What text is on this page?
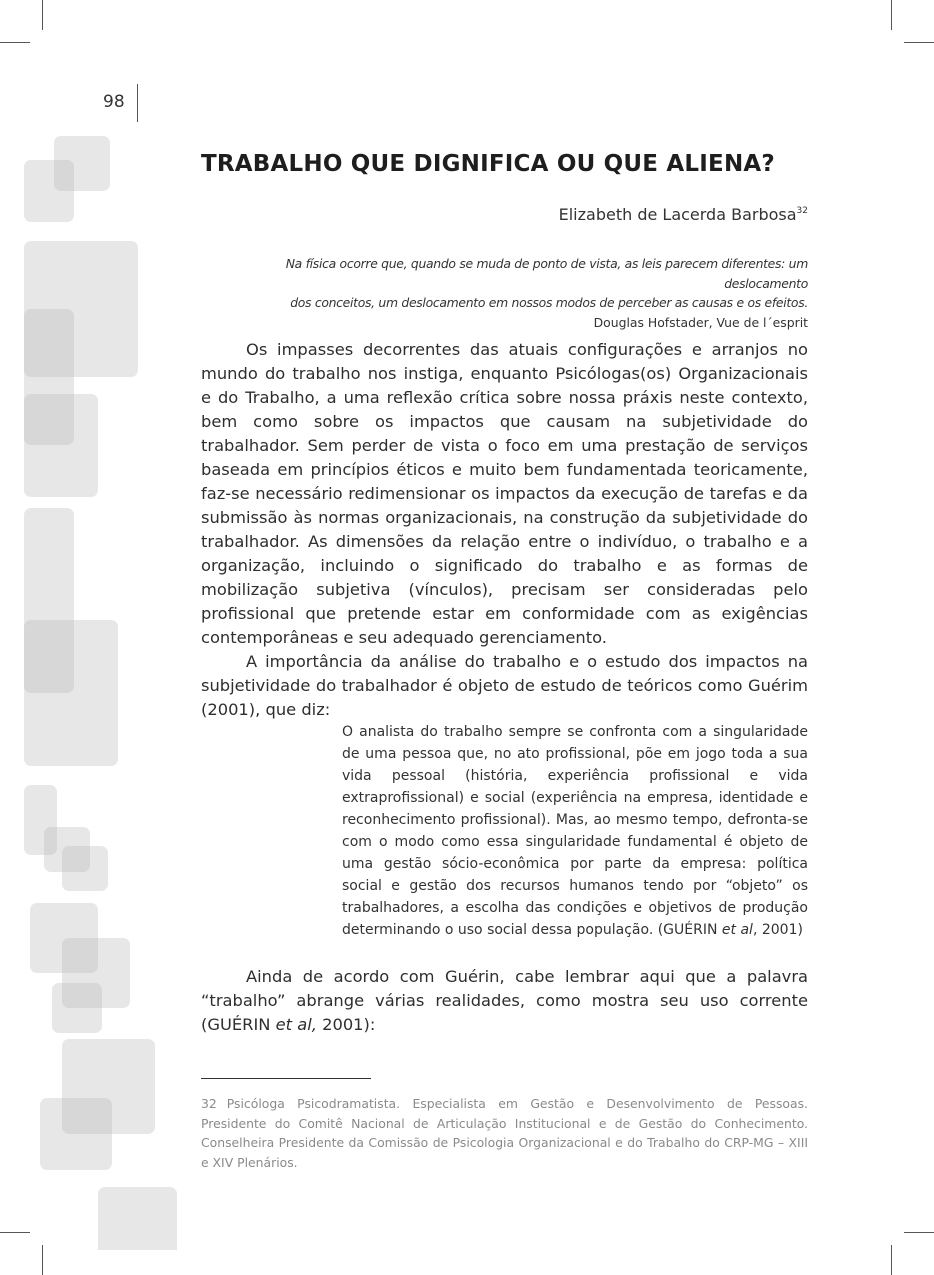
98
TRABALHO QUE DIGNIFICA OU QUE ALIENA?
Elizabeth de Lacerda Barbosa$^{32}$
Na física ocorre que, quando se muda de ponto de vista, as leis parecem diferentes: um deslocamento
dos conceitos, um deslocamento em nossos modos de perceber as causas e os efeitos.
Douglas Hofstader, Vue de l´esprit

Os impasses decorrentes das atuais configurações e arranjos no mundo do trabalho nos instiga, enquanto Psicólogas(os) Organizacionais e do Trabalho, a uma reflexão crítica sobre nossa práxis neste contexto, bem como sobre os impactos que causam na subjetividade do trabalhador. Sem perder de vista o foco em uma prestação de serviços baseada em princípios éticos e muito bem fundamentada teoricamente, faz-se necessário redimensionar os impactos da execução de tarefas e da submissão às normas organizacionais, na construção da subjetividade do trabalhador. As dimensões da relação entre o indivíduo, o trabalho e a organização, incluindo o significado do trabalho e as formas de mobilização subjetiva (vínculos), precisam ser consideradas pelo profissional que pretende estar em conformidade com as exigências contemporâneas e seu adequado gerenciamento.

A importância da análise do trabalho e o estudo dos impactos na subjetividade do trabalhador é objeto de estudo de teóricos como Guérim (2001), que diz:

O analista do trabalho sempre se confronta com a singularidade de uma pessoa que, no ato profissional, põe em jogo toda a sua vida pessoal (história, experiência profissional e vida extraprofissional) e social (experiência na empresa, identidade e reconhecimento profissional). Mas, ao mesmo tempo, defronta-se com o modo como essa singularidade fundamental é objeto de uma gestão sócio-econômica por parte da empresa: política social e gestão dos recursos humanos tendo por “objeto” os trabalhadores, a escolha das condições e objetivos de produção determinando o uso social dessa população. (GUÉRIN et al, 2001)

Ainda de acordo com Guérin, cabe lembrar aqui que a palavra “trabalho” abrange várias realidades, como mostra seu uso corrente (GUÉRIN et al, 2001):

32 Psicóloga Psicodramatista. Especialista em Gestão e Desenvolvimento de Pessoas. Presidente do Comitê Nacional de Articulação Institucional e de Gestão do Conhecimento. Conselheira Presidente da Comissão de Psicologia Organizacional e do Trabalho do CRP-MG – XIII e XIV Plenários.
